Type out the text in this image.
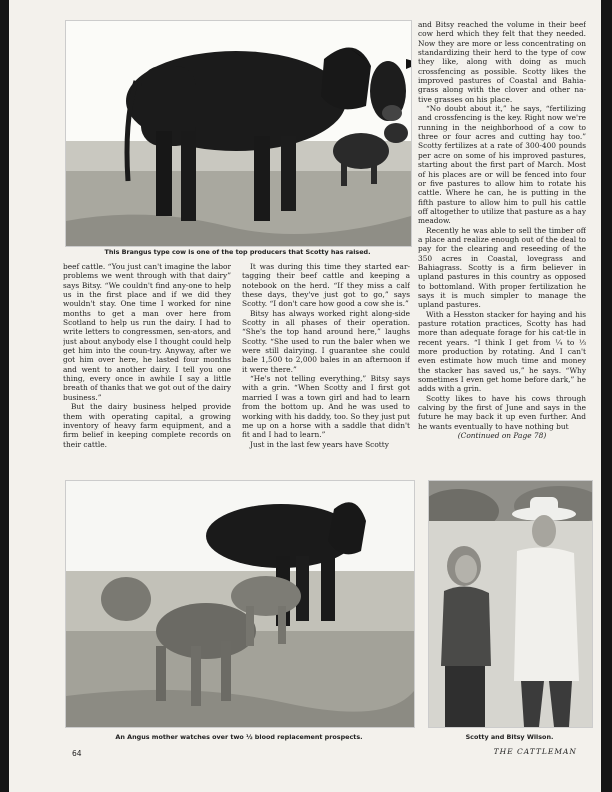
This Brangus type cow is one of the top producers that Scotty has raised.

and Bitsy reached the volume in their beef cow herd which they felt that they needed. Now they are more or less concentrating on standardizing their herd to the type of cow they like, along with doing as much crossfencing as possible. Scotty likes the improved pastures of Coastal and Bahia-grass along with the clover and other na-tive grasses on his place.

“No doubt about it,” he says, “fertilizing and crossfencing is the key. Right now we're running in the neighborhood of a cow to three or four acres and cutting hay too.” Scotty fertilizes at a rate of 300-400 pounds per acre on some of his improved pastures, starting about the first part of March. Most of his places are or will be fenced into four or five pastures to allow him to rotate his cattle. Where he can, he is putting in the fifth pasture to allow him to pull his cattle off altogether to utilize that pasture as a hay meadow.

Recently he was able to sell the timber off a place and realize enough out of the deal to pay for the clearing and reseeding of the 350 acres in Coastal, lovegrass and Bahiagrass. Scotty is a firm believer in upland pastures in this country as opposed to bottomland. With proper fertilization he says it is much simpler to manage the upland pastures.

With a Hesston stacker for haying and his pasture rotation practices, Scotty has had more than adequate forage for his cat-tle in recent years. “I think I get from ¼ to ⅓ more production by rotating. And I can't even estimate how much time and money the stacker has saved us,” he says. “Why sometimes I even get home before dark,” he adds with a grin.

Scotty likes to have his cows through calving by the first of June and says in the future he may back it up even further. And he wants eventually to have nothing but

(Continued on Page 78)

beef cattle. “You just can't imagine the labor problems we went through with that dairy” says Bitsy. “We couldn't find any-one to help us in the first place and if we did they wouldn't stay. One time I worked for nine months to get a man over here from Scotland to help us run the dairy. I had to write letters to congressmen, sen-ators, and just about anybody else I thought could help get him into the coun-try. Anyway, after we got him over here, he lasted four months and went to another dairy. I tell you one thing, every once in awhile I say a little breath of thanks that we got out of the dairy business.”

But the dairy business helped provide them with operating capital, a growing inventory of heavy farm equipment, and a firm belief in keeping complete records on their cattle.

It was during this time they started ear-tagging their beef cattle and keeping a notebook on the herd. “If they miss a calf these days, they've just got to go,” says Scotty. “I don't care how good a cow she is.”

Bitsy has always worked right along-side Scotty in all phases of their operation. “She's the top hand around here,” laughs Scotty. “She used to run the baler when we were still dairying. I guarantee she could bale 1,500 to 2,000 bales in an afternoon if it were there.”

“He's not telling everything,” Bitsy says with a grin. “When Scotty and I first got married I was a town girl and had to learn from the bottom up. And he was used to working with his daddy, too. So they just put me up on a horse with a saddle that didn't fit and I had to learn.”

Just in the last few years have Scotty

An Angus mother watches over two ½ blood replacement prospects.	Scotty and Bitsy Wilson.
64	THE CATTLEMAN
